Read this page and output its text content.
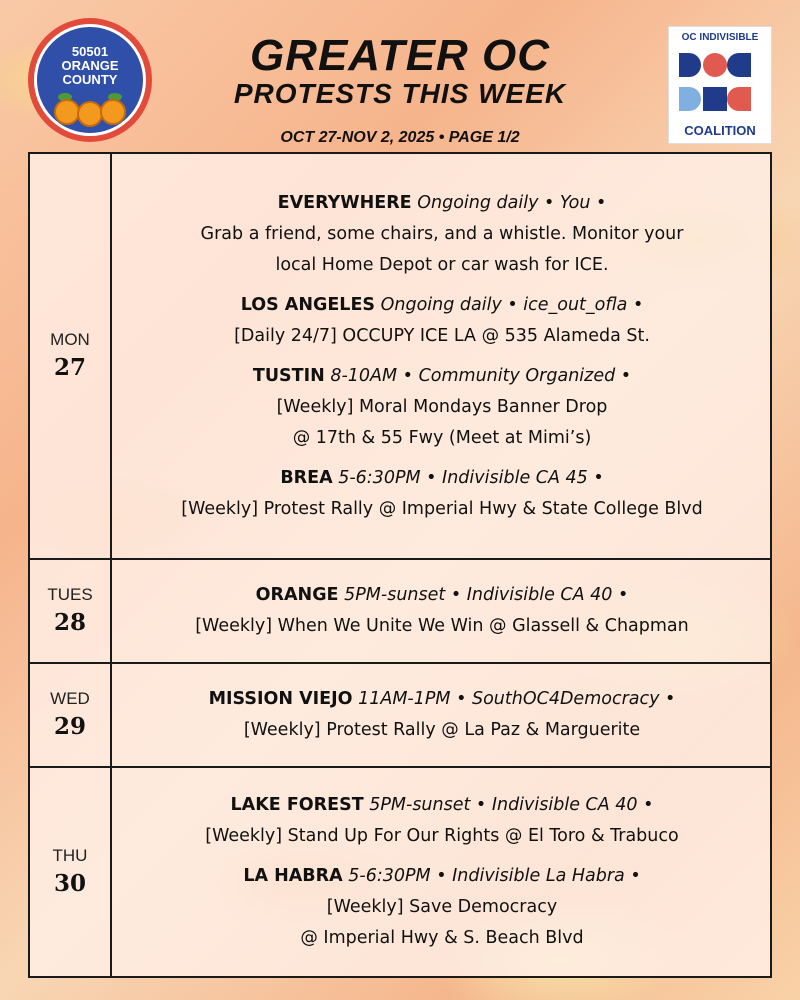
50501
ORANGE
COUNTY	GREATER OC
PROTESTS THIS WEEK
OCT 27-NOV 2, 2025 • PAGE 1/2
OC INDIVISIBLE
COALITION
MON
27
EVERYWHERE Ongoing daily • You •
Grab a friend, some chairs, and a whistle. Monitor your
local Home Depot or car wash for ICE.
LOS ANGELES Ongoing daily • ice_out_ofla •
[Daily 24/7] OCCUPY ICE LA @ 535 Alameda St.
TUSTIN 8-10AM • Community Organized •
[Weekly] Moral Mondays Banner Drop
@ 17th & 55 Fwy (Meet at Mimi’s)
BREA 5-6:30PM • Indivisible CA 45 •
[Weekly] Protest Rally @ Imperial Hwy & State College Blvd
TUES
28
ORANGE 5PM-sunset • Indivisible CA 40 •
[Weekly] When We Unite We Win @ Glassell & Chapman
WED
29
MISSION VIEJO 11AM-1PM • SouthOC4Democracy •
[Weekly] Protest Rally @ La Paz & Marguerite
THU
30
LAKE FOREST 5PM-sunset • Indivisible CA 40 •
[Weekly] Stand Up For Our Rights @ El Toro & Trabuco
LA HABRA 5-6:30PM • Indivisible La Habra •
[Weekly] Save Democracy
@ Imperial Hwy & S. Beach Blvd
